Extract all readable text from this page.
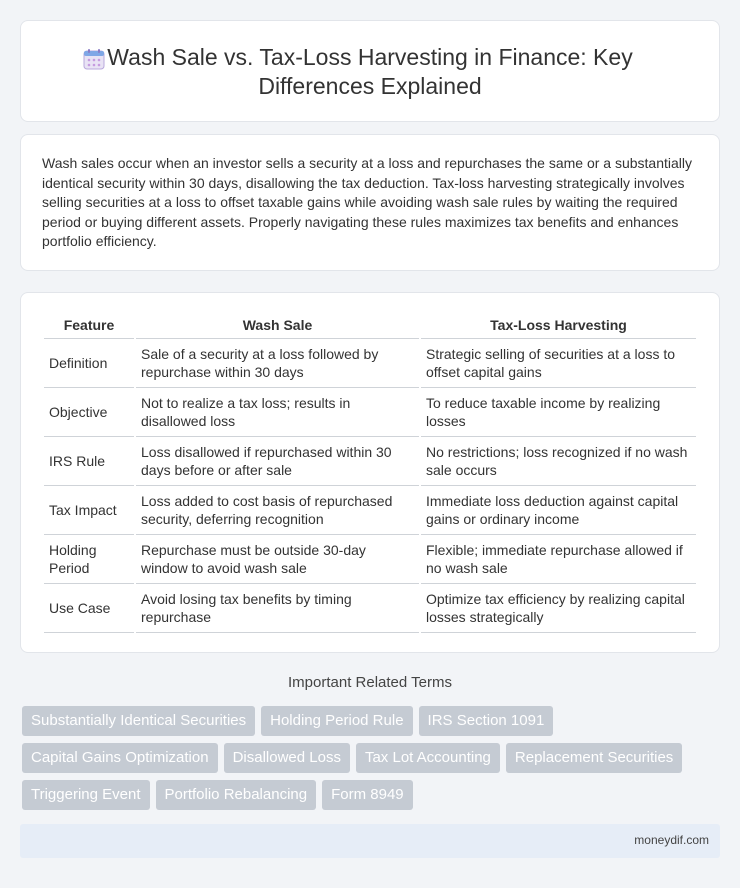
Wash Sale vs. Tax-Loss Harvesting in Finance: Key Differences Explained

Wash sales occur when an investor sells a security at a loss and repurchases the same or a substantially identical security within 30 days, disallowing the tax deduction. Tax-loss harvesting strategically involves selling securities at a loss to offset taxable gains while avoiding wash sale rules by waiting the required period or buying different assets. Properly navigating these rules maximizes tax benefits and enhances portfolio efficiency.

Feature	Wash Sale	Tax-Loss Harvesting
Definition	Sale of a security at a loss followed by repurchase within 30 days	Strategic selling of securities at a loss to offset capital gains
Objective	Not to realize a tax loss; results in disallowed loss	To reduce taxable income by realizing losses
IRS Rule	Loss disallowed if repurchased within 30 days before or after sale	No restrictions; loss recognized if no wash sale occurs
Tax Impact	Loss added to cost basis of repurchased security, deferring recognition	Immediate loss deduction against capital gains or ordinary income
Holding Period	Repurchase must be outside 30-day window to avoid wash sale	Flexible; immediate repurchase allowed if no wash sale
Use Case	Avoid losing tax benefits by timing repurchase	Optimize tax efficiency by realizing capital losses strategically
Important Related Terms
Substantially Identical Securities	Holding Period Rule	IRS Section 1091
Capital Gains Optimization	Disallowed Loss	Tax Lot Accounting	Replacement Securities
Triggering Event	Portfolio Rebalancing	Form 8949
moneydif.com
